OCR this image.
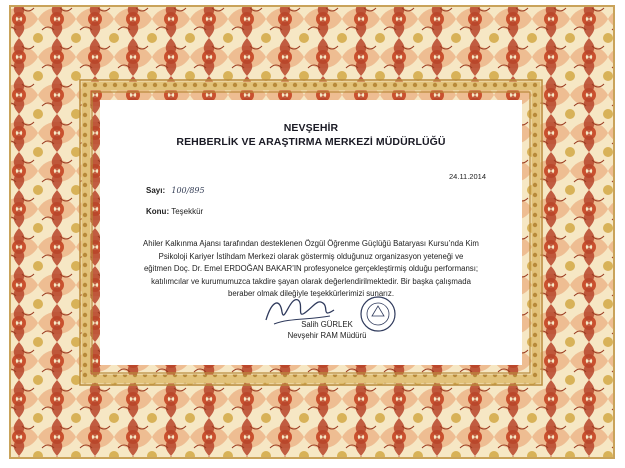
NEVŞEHİR
REHBERLİK VE ARAŞTIRMA MERKEZİ MÜDÜRLÜĞÜ
24.11.2014
Sayı: 100/895
Konu: Teşekkür
Ahiler Kalkınma Ajansı tarafından desteklenen Özgül Öğrenme Güçlüğü Bataryası Kursu’nda Kim
Psikoloji Kariyer İstihdam Merkezi olarak göstermiş olduğunuz organizasyon yeteneği ve
eğitmen Doç. Dr. Emel ERDOĞAN BAKAR’IN profesyonelce gerçekleştirmiş olduğu performansı;
katılımcılar ve kurumumuzca takdire şayan olarak değerlendirilmektedir. Bir başka çalışmada
beraber olmak dileğiyle teşekkürlerimizi sunarız.
Salih GÜRLEK
Nevşehir RAM Müdürü
